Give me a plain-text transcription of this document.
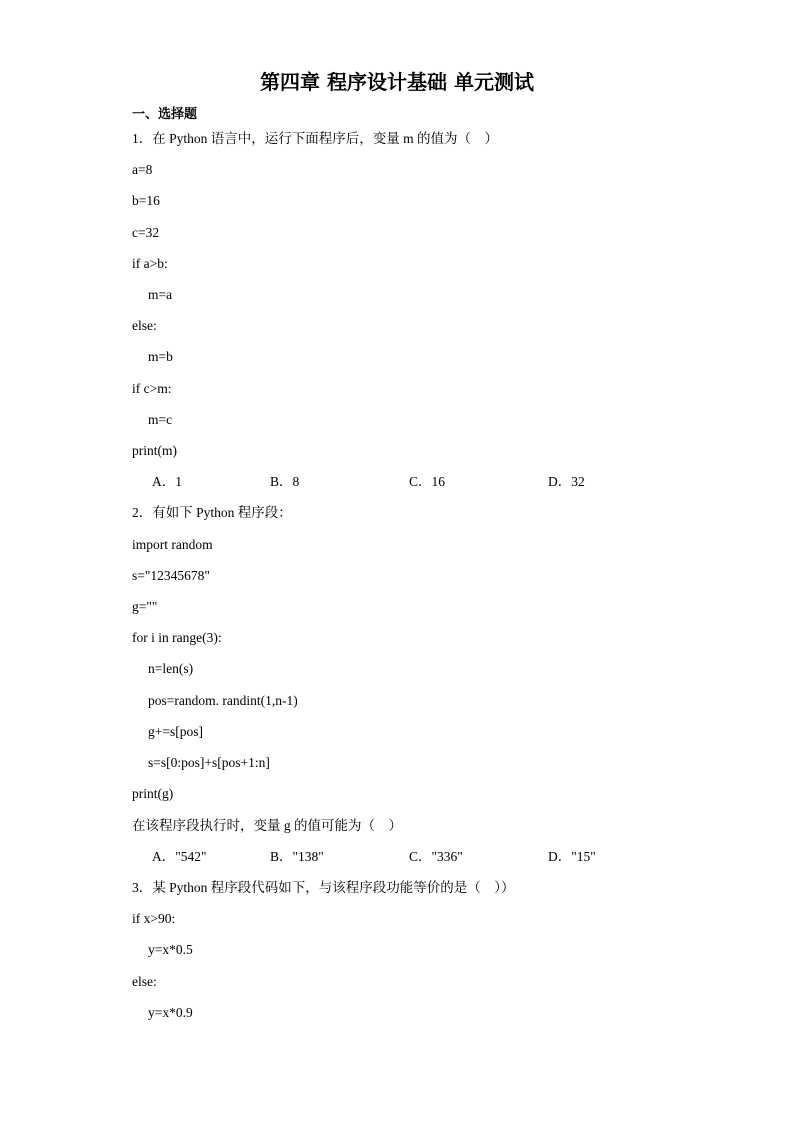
第四章 程序设计基础 单元测试
一、选择题
1．在 Python 语言中，运行下面程序后，变量 m 的值为（　）
a=8
b=16
c=32
if a>b:
m=a
else:
m=b
if c>m:
m=c
print(m)
A．1	B．8	C．16	D．32
2．有如下 Python 程序段：
import random
s="12345678"
g=""
for i in range(3):
n=len(s)
pos=random. randint(1,n-1)
g+=s[pos]
s=s[0:pos]+s[pos+1:n]
print(g)
在该程序段执行时，变量 g 的值可能为（　）
A．"542"	B．"138"	C．"336"	D．"15"
3．某 Python 程序段代码如下，与该程序段功能等价的是（　））
if x>90:
y=x*0.5
else:
y=x*0.9
